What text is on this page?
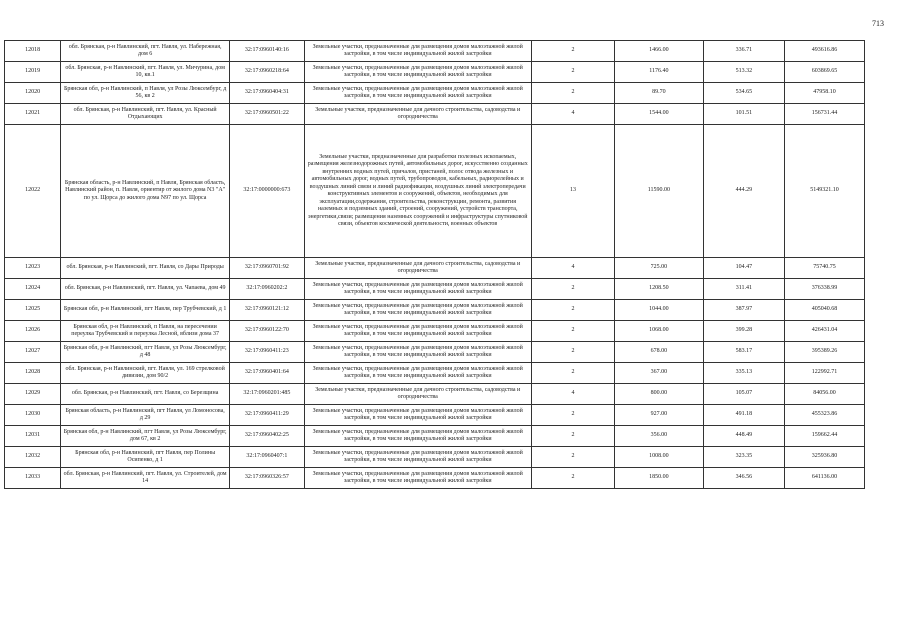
713
12018	обл. Брянская, р-н Навлинский, пгт. Навля, ул. Набережная, дом 6	32:17:0960140:16	Земельные участки, предназначенные для размещения домов малоэтажной жилой застройки, в том числе индивидуальной жилой застройки	2	1466.00	336.71	493616.86
12019	обл. Брянская, р-н Навлинский, пгт. Навля, ул. Мичурина, дом 10, кв.1	32:17:0960218:64	Земельные участки, предназначенные для размещения домов малоэтажной жилой застройки, в том числе индивидуальной жилой застройки	2	1176.40	513.32	603869.65
12020	Брянская обл, р-н Навлинский, п Навля, ул Розы Люксембург, д 56, кв 2	32:17:0960404:31	Земельные участки, предназначенные для размещения домов малоэтажной жилой застройки, в том числе индивидуальной жилой застройки	2	89.70	534.65	47958.10
12021	обл. Брянская, р-н Навлинский, пгт. Навля, ул. Красный Отдыхающих	32:17:0960501:22	Земельные участки, предназначенные для дачного строительства, садоводства и огородничества	4	1544.00	101.51	156731.44
12022	Брянская область, р-н Навлинский, п Навля, Брянская область, Навлинский район, п. Навля, ориентир от жилого дома N3 "А" по ул. Щорса до жилого дома N97 по ул. Щорса	32:17:0000000:673	Земельные участки, предназначенные для разработки полезных ископаемых, размещения железнодорожных путей, автомобильных дорог, искусственно созданных внутренних водных путей, причалов, пристаней, полос отвода железных и автомобильных дорог, водных путей, трубопроводов, кабельных, радиорелейных и воздушных линий связи и линий радиофикации, воздушных линий электропередачи конструктивных элементов и сооружений, объектов, необходимых для эксплуатации,содержания, строительства, реконструкции, ремонта, развития наземных и подземных зданий, строений, сооружений, устройств транспорта, энергетики,связи; размещения наземных сооружений и инфраструктуры спутниковой связи, объектов космической деятельности, военных объектов	13	11590.00	444.29	5149321.10
12023	обл. Брянская, р-н Навлинский, пгт. Навля, со Дары Природы	32:17:0960701:92	Земельные участки, предназначенные для дачного строительства, садоводства и огородничества	4	725.00	104.47	75740.75
12024	обл. Брянская, р-н Навлинский, пгт. Навля, ул. Чапаева, дом 49	32:17:0960202:2	Земельные участки, предназначенные для размещения домов малоэтажной жилой застройки, в том числе индивидуальной жилой застройки	2	1208.50	311.41	376338.99
12025	Брянская обл, р-н Навлинский, пгт Навля, пер Трубчевский, д 1	32:17:0960121:12	Земельные участки, предназначенные для размещения домов малоэтажной жилой застройки, в том числе индивидуальной жилой застройки	2	1044.00	387.97	405040.68
12026	Брянская обл, р-н Навлинский, п Навля, на пересечении переулка Трубчевский и переулка Лесной, вблизи дома 37	32:17:0960122:70	Земельные участки, предназначенные для размещения домов малоэтажной жилой застройки, в том числе индивидуальной жилой застройки	2	1068.00	399.28	426431.04
12027	Брянская обл, р-н Навлинский, пгт Навля, ул Розы Люксембург, д 48	32:17:0960411:23	Земельные участки, предназначенные для размещения домов малоэтажной жилой застройки, в том числе индивидуальной жилой застройки	2	678.00	583.17	395389.26
12028	обл. Брянская, р-н Навлинский, пгт. Навля, ул. 169 стрелковой дивизии, дом 90/2	32:17:0960401:64	Земельные участки, предназначенные для размещения домов малоэтажной жилой застройки, в том числе индивидуальной жилой застройки	2	367.00	335.13	122992.71
12029	обл. Брянская, р-н Навлинский, пгт. Навля, со Березщина	32:17:0960201:485	Земельные участки, предназначенные для дачного строительства, садоводства и огородничества	4	800.00	105.07	84056.00
12030	Брянская область, р-н Навлинский, пгт Навля, ул Ломоносова, д 29	32:17:0960411:29	Земельные участки, предназначенные для размещения домов малоэтажной жилой застройки, в том числе индивидуальной жилой застройки	2	927.00	491.18	455323.86
12031	Брянская обл, р-н Навлинский, пгт Навля, ул Розы Люксембург, дом 67, кв 2	32:17:0960402:25	Земельные участки, предназначенные для размещения домов малоэтажной жилой застройки, в том числе индивидуальной жилой застройки	2	356.00	448.49	159662.44
12032	Брянская обл, р-н Навлинский, пгт Навля, пер Полины Осипенко, д 1	32:17:0960407:1	Земельные участки, предназначенные для размещения домов малоэтажной жилой застройки, в том числе индивидуальной жилой застройки	2	1008.00	323.35	325936.80
12033	обл. Брянская, р-н Навлинский, пгт. Навля, ул. Строителей, дом 14	32:17:0960326:57	Земельные участки, предназначенные для размещения домов малоэтажной жилой застройки, в том числе индивидуальной жилой застройки	2	1850.00	346.56	641136.00
